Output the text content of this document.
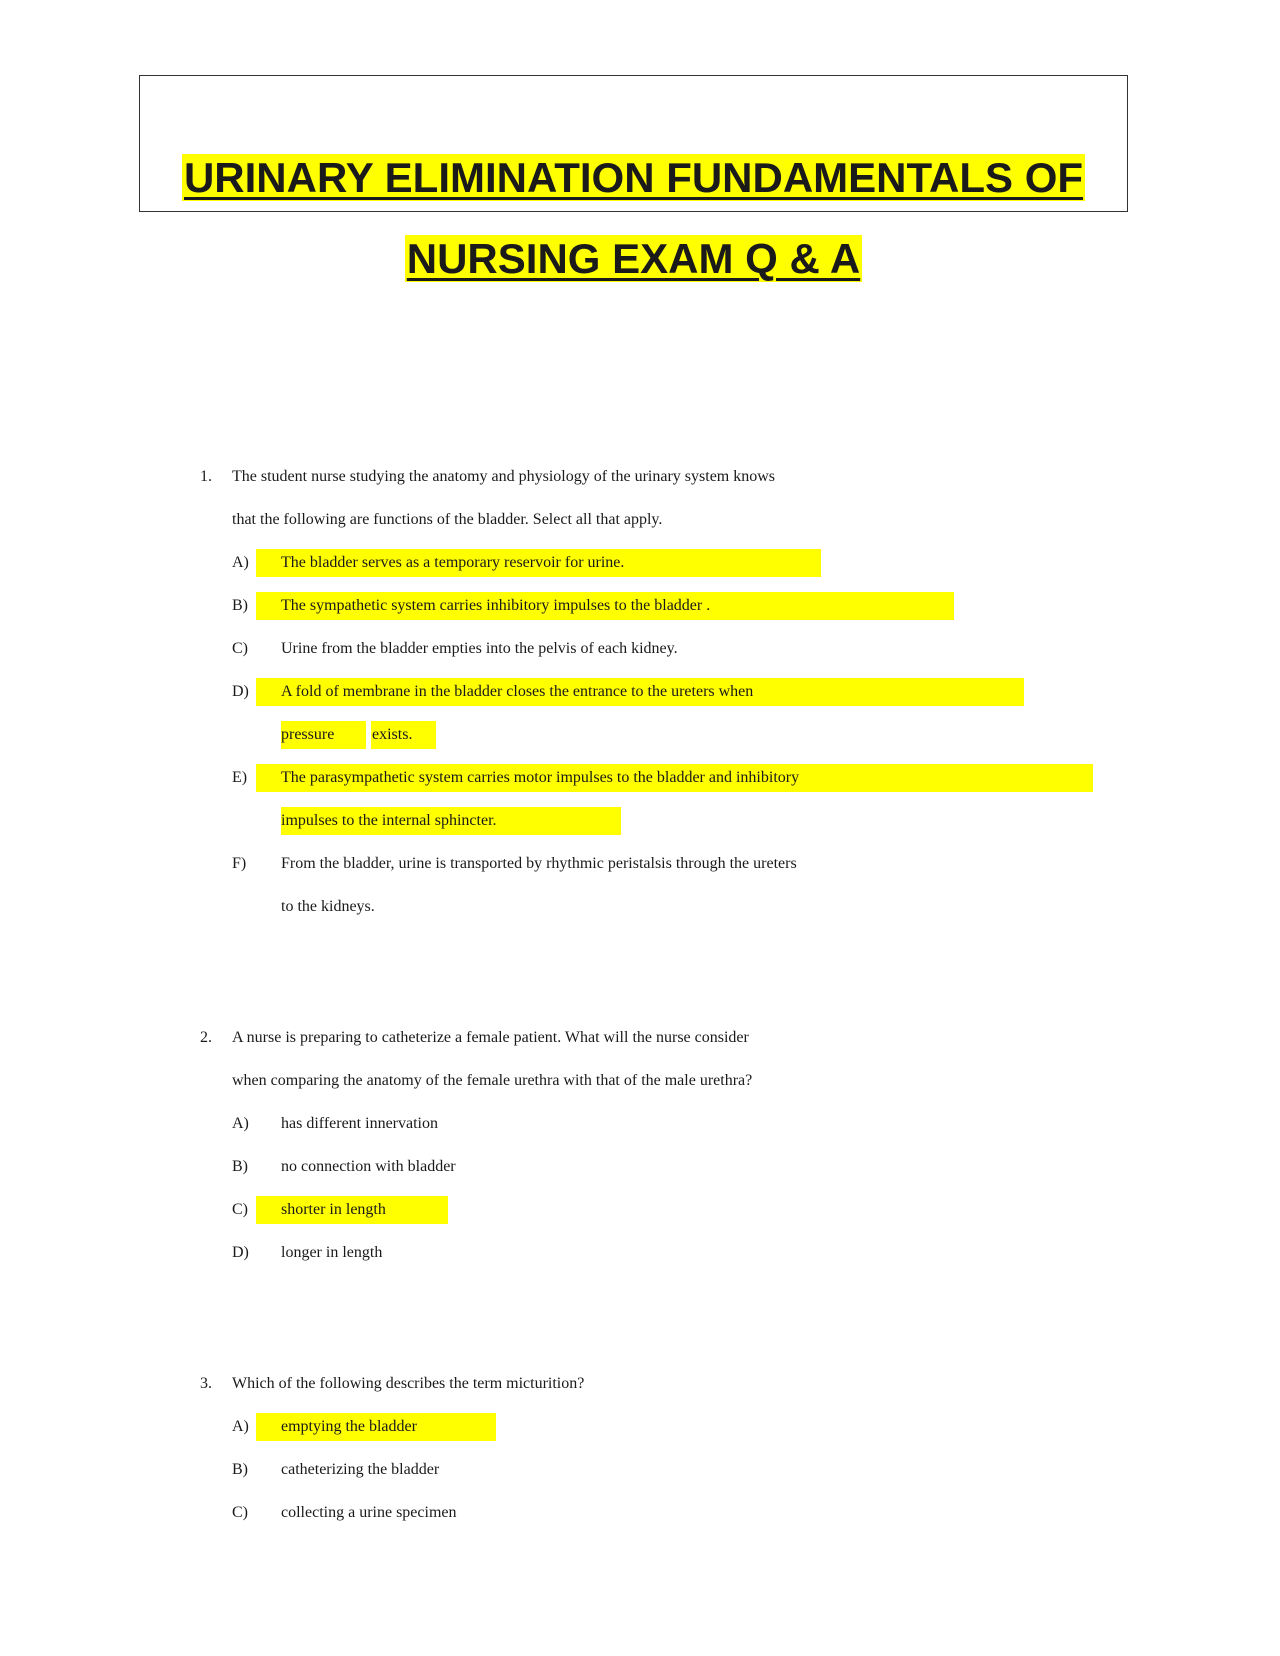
URINARY ELIMINATION FUNDAMENTALS OF
NURSING EXAM Q & A
1. The student nurse studying the anatomy and physiology of the urinary system knows
that the following are functions of the bladder. Select all that apply.
A) The bladder serves as a temporary reservoir for urine.
B) The sympathetic system carries inhibitory impulses to the bladder .
C) Urine from the bladder empties into the pelvis of each kidney.
D) A fold of membrane in the bladder closes the entrance to the ureters when
pressure exists.
E) The parasympathetic system carries motor impulses to the bladder and inhibitory
impulses to the internal sphincter.
F) From the bladder, urine is transported by rhythmic peristalsis through the ureters
to the kidneys.
2. A nurse is preparing to catheterize a female patient. What will the nurse consider
when comparing the anatomy of the female urethra with that of the male urethra?
A) has different innervation
B) no connection with bladder
C) shorter in length
D) longer in length
3. Which of the following describes the term micturition?
A) emptying the bladder
B) catheterizing the bladder
C) collecting a urine specimen
